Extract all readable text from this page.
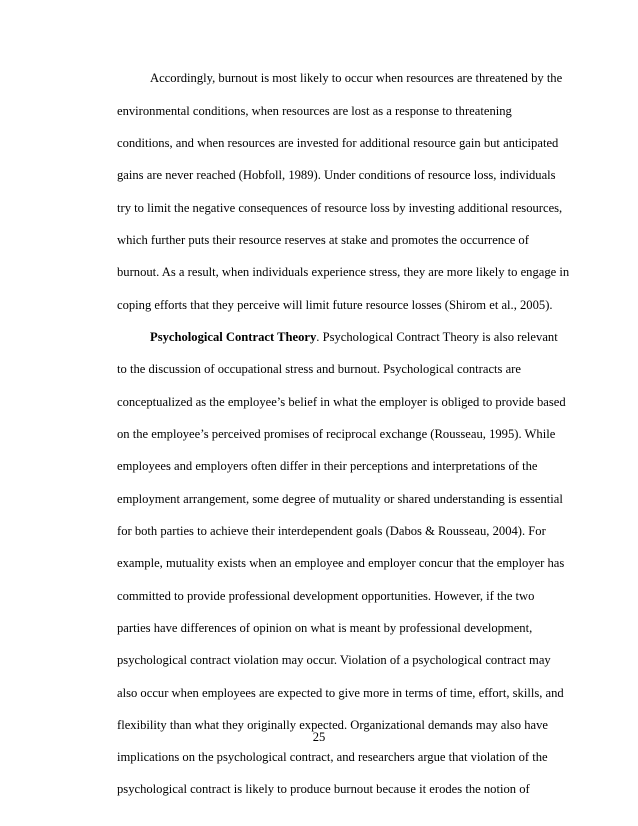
Accordingly, burnout is most likely to occur when resources are threatened by the
environmental conditions, when resources are lost as a response to threatening
conditions, and when resources are invested for additional resource gain but anticipated
gains are never reached (Hobfoll, 1989). Under conditions of resource loss, individuals
try to limit the negative consequences of resource loss by investing additional resources,
which further puts their resource reserves at stake and promotes the occurrence of
burnout. As a result, when individuals experience stress, they are more likely to engage in
coping efforts that they perceive will limit future resource losses (Shirom et al., 2005).
Psychological Contract Theory. Psychological Contract Theory is also relevant
to the discussion of occupational stress and burnout. Psychological contracts are
conceptualized as the employee’s belief in what the employer is obliged to provide based
on the employee’s perceived promises of reciprocal exchange (Rousseau, 1995). While
employees and employers often differ in their perceptions and interpretations of the
employment arrangement, some degree of mutuality or shared understanding is essential
for both parties to achieve their interdependent goals (Dabos & Rousseau, 2004). For
example, mutuality exists when an employee and employer concur that the employer has
committed to provide professional development opportunities. However, if the two
parties have differences of opinion on what is meant by professional development,
psychological contract violation may occur. Violation of a psychological contract may
also occur when employees are expected to give more in terms of time, effort, skills, and
flexibility than what they originally expected. Organizational demands may also have
implications on the psychological contract, and researchers argue that violation of the
psychological contract is likely to produce burnout because it erodes the notion of
25
